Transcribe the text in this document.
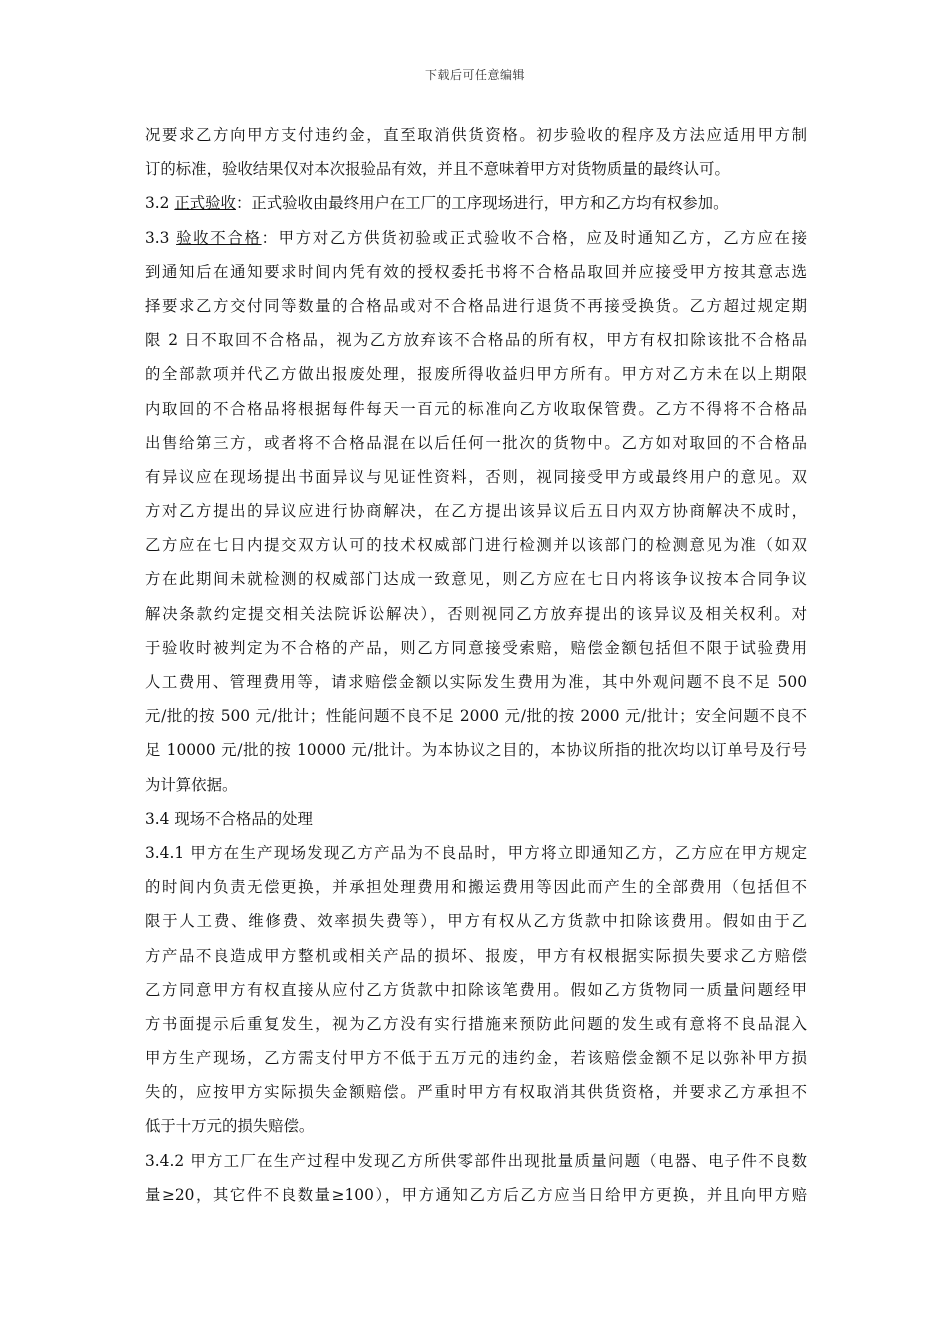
下载后可任意编辑
况要求乙方向甲方支付违约金，直至取消供货资格。初步验收的程序及方法应适用甲方制
订的标准，验收结果仅对本次报验品有效，并且不意味着甲方对货物质量的最终认可。
3.2 正式验收：正式验收由最终用户在工厂的工序现场进行，甲方和乙方均有权参加。
3.3 验收不合格：甲方对乙方供货初验或正式验收不合格，应及时通知乙方，乙方应在接
到通知后在通知要求时间内凭有效的授权委托书将不合格品取回并应接受甲方按其意志选
择要求乙方交付同等数量的合格品或对不合格品进行退货不再接受换货。乙方超过规定期
限 2 日不取回不合格品，视为乙方放弃该不合格品的所有权，甲方有权扣除该批不合格品
的全部款项并代乙方做出报废处理，报废所得收益归甲方所有。甲方对乙方未在以上期限
内取回的不合格品将根据每件每天一百元的标准向乙方收取保管费。乙方不得将不合格品
出售给第三方，或者将不合格品混在以后任何一批次的货物中。乙方如对取回的不合格品
有异议应在现场提出书面异议与见证性资料，否则，视同接受甲方或最终用户的意见。双
方对乙方提出的异议应进行协商解决，在乙方提出该异议后五日内双方协商解决不成时，
乙方应在七日内提交双方认可的技术权威部门进行检测并以该部门的检测意见为准（如双
方在此期间未就检测的权威部门达成一致意见，则乙方应在七日内将该争议按本合同争议
解决条款约定提交相关法院诉讼解决），否则视同乙方放弃提出的该异议及相关权利。对
于验收时被判定为不合格的产品，则乙方同意接受索赔，赔偿金额包括但不限于试验费用
人工费用、管理费用等，请求赔偿金额以实际发生费用为准，其中外观问题不良不足 500
元/批的按 500 元/批计；性能问题不良不足 2000 元/批的按 2000 元/批计；安全问题不良不
足 10000 元/批的按 10000 元/批计。为本协议之目的，本协议所指的批次均以订单号及行号
为计算依据。
3.4 现场不合格品的处理
3.4.1 甲方在生产现场发现乙方产品为不良品时，甲方将立即通知乙方，乙方应在甲方规定
的时间内负责无偿更换，并承担处理费用和搬运费用等因此而产生的全部费用（包括但不
限于人工费、维修费、效率损失费等），甲方有权从乙方货款中扣除该费用。假如由于乙
方产品不良造成甲方整机或相关产品的损坏、报废，甲方有权根据实际损失要求乙方赔偿
乙方同意甲方有权直接从应付乙方货款中扣除该笔费用。假如乙方货物同一质量问题经甲
方书面提示后重复发生，视为乙方没有实行措施来预防此问题的发生或有意将不良品混入
甲方生产现场，乙方需支付甲方不低于五万元的违约金，若该赔偿金额不足以弥补甲方损
失的，应按甲方实际损失金额赔偿。严重时甲方有权取消其供货资格，并要求乙方承担不
低于十万元的损失赔偿。
3.4.2 甲方工厂在生产过程中发现乙方所供零部件出现批量质量问题（电器、电子件不良数
量≥20，其它件不良数量≥100），甲方通知乙方后乙方应当日给甲方更换，并且向甲方赔
